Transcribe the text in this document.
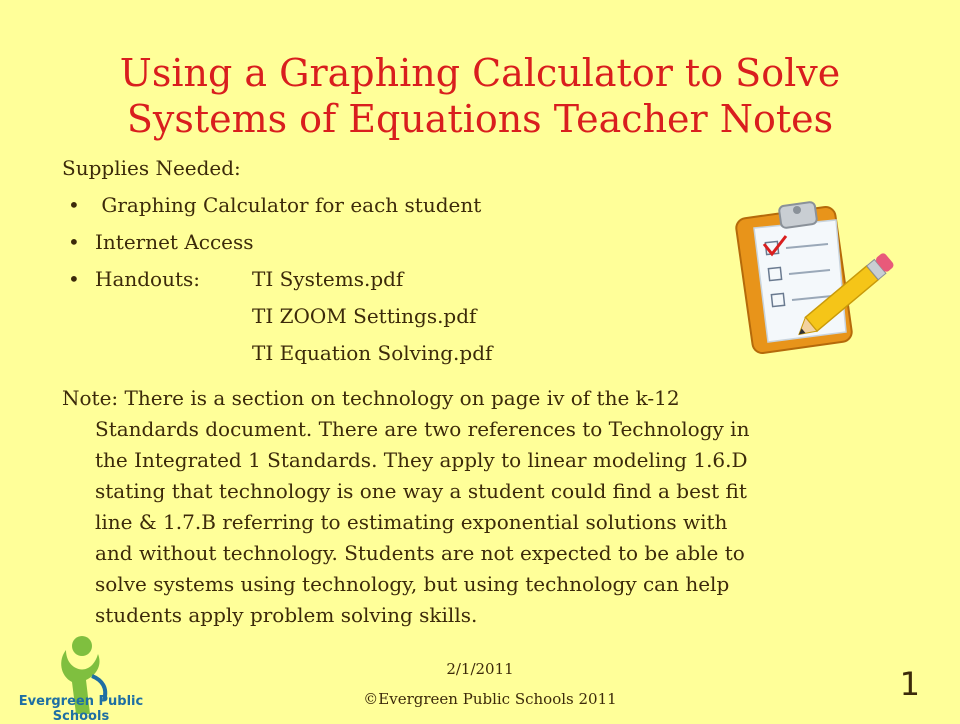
Using a Graphing Calculator to Solve
Systems of Equations Teacher Notes
Supplies Needed:
• Graphing Calculator for each student
• Internet Access
• Handouts:	TI Systems.pdf
TI ZOOM Settings.pdf
TI Equation Solving.pdf
Note: There is a section on technology on page iv of the k-12
Standards document. There are two references to Technology in
the Integrated 1 Standards. They apply to linear modeling 1.6.D
stating that technology is one way a student could find a best fit
line & 1.7.B referring to estimating exponential solutions with
and without technology. Students are not expected to be able to
solve systems using technology, but using technology can help
students apply problem solving skills.
Evergreen Public Schools
2/1/2011
©Evergreen Public Schools 2011	1
